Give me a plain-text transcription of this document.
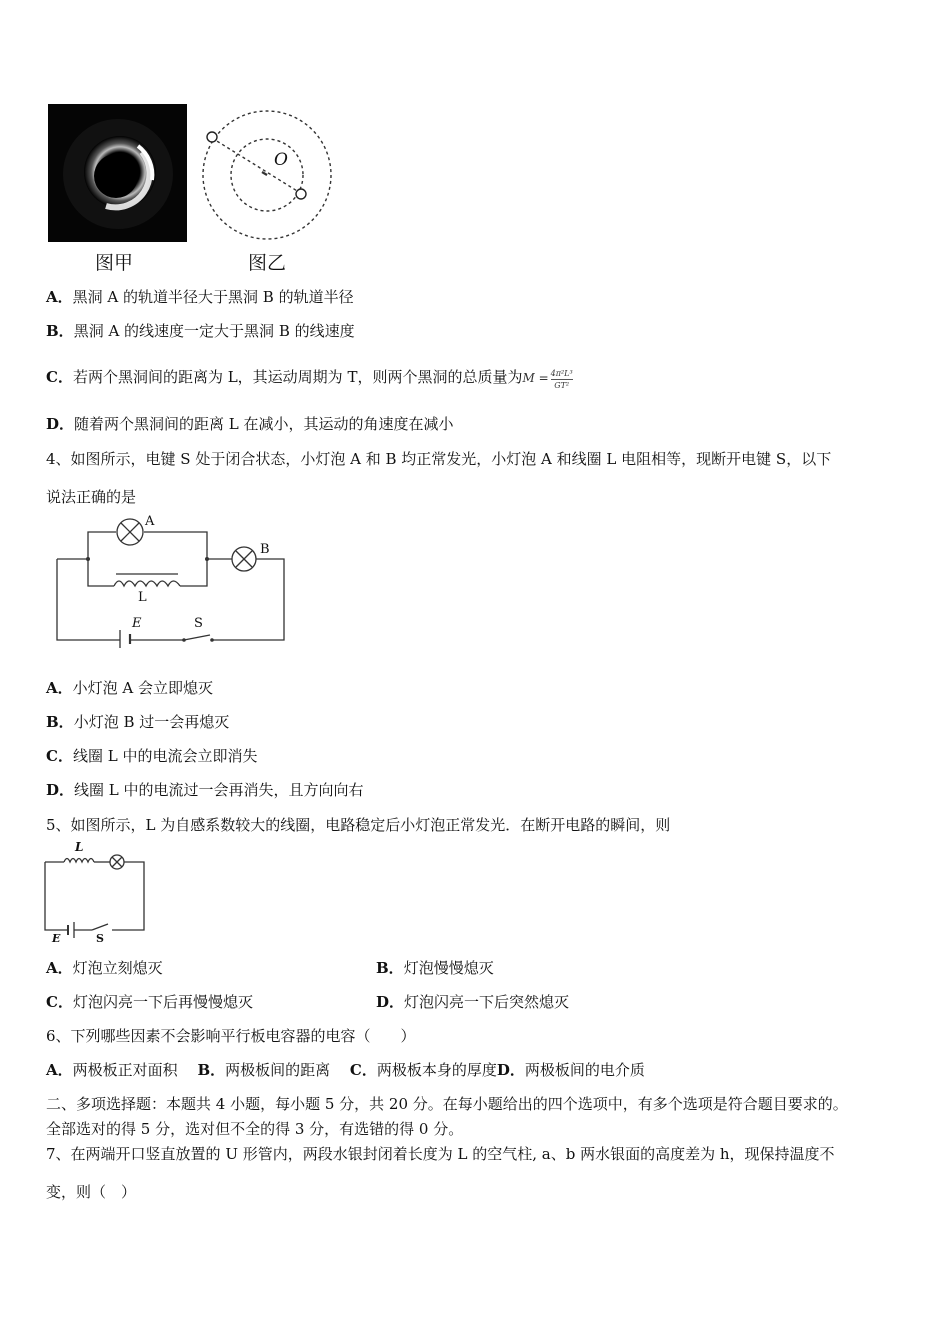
图甲
O
图乙
A．黑洞 A 的轨道半径大于黑洞 B 的轨道半径
B．黑洞 A 的线速度一定大于黑洞 B 的线速度
C．若两个黑洞间的距离为 L，其运动周期为 T，则两个黑洞的总质量为$M = \frac{\text{4π²L³}}{\text{GT²}}$
D．随着两个黑洞间的距离 L 在减小，其运动的角速度在减小
4、如图所示，电键 S 处于闭合状态，小灯泡 A 和 B 均正常发光，小灯泡 A 和线圈 L 电阻相等，现断开电键 S，以下
说法正确的是
A
B
L
E	S
A．小灯泡 A 会立即熄灭
B．小灯泡 B 过一会再熄灭
C．线圈 L 中的电流会立即消失
D．线圈 L 中的电流过一会再消失，且方向向右
5、如图所示，L 为自感系数较大的线圈，电路稳定后小灯泡正常发光．在断开电路的瞬间，则
L
E	S
A．灯泡立刻熄灭	B．灯泡慢慢熄灭
C．灯泡闪亮一下后再慢慢熄灭	D．灯泡闪亮一下后突然熄灭
6、下列哪些因素不会影响平行板电容器的电容（　　）
A．两极板正对面积　 B．两极板间的距离　 C．两极板本身的厚度D．两极板间的电介质
二、多项选择题：本题共 4 小题，每小题 5 分，共 20 分。在每小题给出的四个选项中，有多个选项是符合题目要求的。
全部选对的得 5 分，选对但不全的得 3 分，有选错的得 0 分。
7、在两端开口竖直放置的 U 形管内，两段水银封闭着长度为 L 的空气柱, a、b 两水银面的高度差为 h，现保持温度不
变，则（　）
